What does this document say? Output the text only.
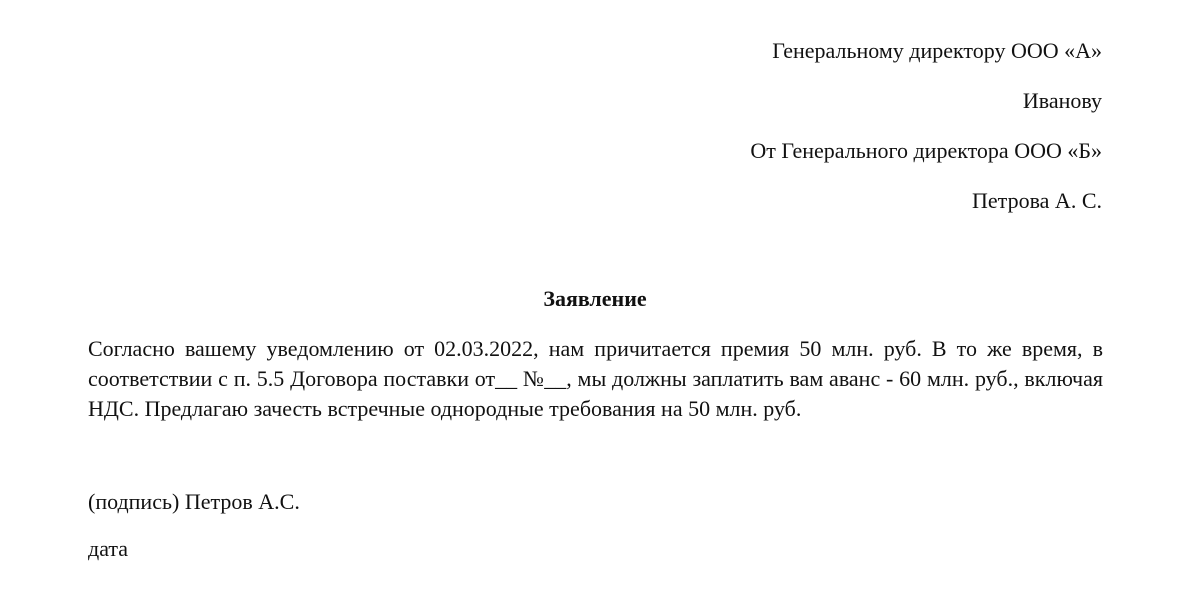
Генеральному директору ООО «А»
Иванову
От Генерального директора ООО «Б»
Петрова А. С.
Заявление
Согласно вашему уведомлению от 02.03.2022, нам причитается премия 50 млн. руб. В то же время, в соответствии с п. 5.5 Договора поставки от__ №__, мы должны заплатить вам аванс - 60 млн. руб., включая НДС. Предлагаю зачесть встречные однородные требования на 50 млн. руб.
(подпись) Петров А.С.
дата
